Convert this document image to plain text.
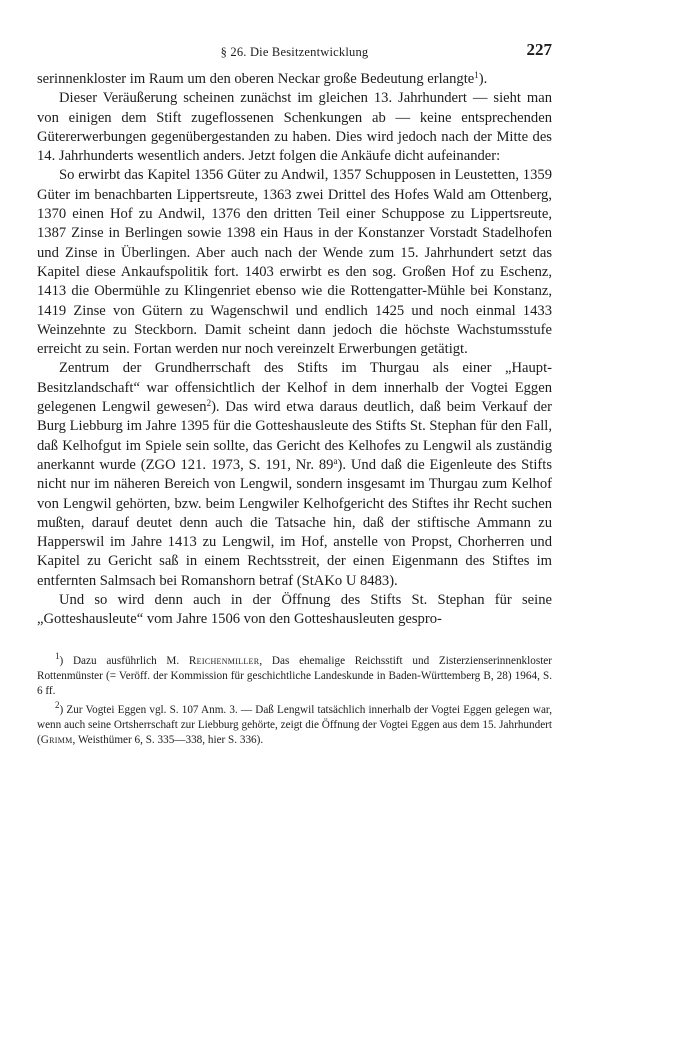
§ 26. Die Besitzentwicklung	227

serinnenkloster im Raum um den oberen Neckar große Bedeutung erlangte$^1$).

Dieser Veräußerung scheinen zunächst im gleichen 13. Jahrhundert — sieht man von einigen dem Stift zugeflossenen Schenkungen ab — keine entsprechenden Gütererwerbungen gegenübergestanden zu haben. Dies wird jedoch nach der Mitte des 14. Jahrhunderts wesentlich anders. Jetzt folgen die Ankäufe dicht aufeinander:

So erwirbt das Kapitel 1356 Güter zu Andwil, 1357 Schupposen in Leustetten, 1359 Güter im benachbarten Lippertsreute, 1363 zwei Drittel des Hofes Wald am Ottenberg, 1370 einen Hof zu Andwil, 1376 den dritten Teil einer Schuppose zu Lippertsreute, 1387 Zinse in Berlingen sowie 1398 ein Haus in der Konstanzer Vorstadt Stadelhofen und Zinse in Überlingen. Aber auch nach der Wende zum 15. Jahrhundert setzt das Kapitel diese Ankaufspolitik fort. 1403 erwirbt es den sog. Großen Hof zu Eschenz, 1413 die Obermühle zu Klingenriet ebenso wie die Rottengatter-Mühle bei Konstanz, 1419 Zinse von Gütern zu Wagenschwil und endlich 1425 und noch einmal 1433 Weinzehnte zu Steckborn. Damit scheint dann jedoch die höchste Wachstumsstufe erreicht zu sein. Fortan werden nur noch vereinzelt Erwerbungen getätigt.

Zentrum der Grundherrschaft des Stifts im Thurgau als einer „Haupt-Besitzlandschaft“ war offensichtlich der Kelhof in dem innerhalb der Vogtei Eggen gelegenen Lengwil gewesen$^2$). Das wird etwa daraus deutlich, daß beim Verkauf der Burg Liebburg im Jahre 1395 für die Gotteshausleute des Stifts St. Stephan für den Fall, daß Kelhofgut im Spiele sein sollte, das Gericht des Kelhofes zu Lengwil als zuständig anerkannt wurde (ZGO 121. 1973, S. 191, Nr. 89$^a$). Und daß die Eigenleute des Stifts nicht nur im näheren Bereich von Lengwil, sondern insgesamt im Thurgau zum Kelhof von Lengwil gehörten, bzw. beim Lengwiler Kelhofgericht des Stiftes ihr Recht suchen mußten, darauf deutet denn auch die Tatsache hin, daß der stiftische Ammann zu Happerswil im Jahre 1413 zu Lengwil, im Hof, anstelle von Propst, Chorherren und Kapitel zu Gericht saß in einem Rechtsstreit, der einen Eigenmann des Stiftes im entfernten Salmsach bei Romanshorn betraf (StAKo U 8483).

Und so wird denn auch in der Öffnung des Stifts St. Stephan für seine „Gotteshausleute“ vom Jahre 1506 von den Gotteshausleuten gespro-

$^1$) Dazu ausführlich M. Reichenmiller, Das ehemalige Reichsstift und Zisterzienserinnenkloster Rottenmünster (= Veröff. der Kommission für geschichtliche Landeskunde in Baden-Württemberg B, 28) 1964, S. 6 ff.

$^2$) Zur Vogtei Eggen vgl. S. 107 Anm. 3. — Daß Lengwil tatsächlich innerhalb der Vogtei Eggen gelegen war, wenn auch seine Ortsherrschaft zur Liebburg gehörte, zeigt die Öffnung der Vogtei Eggen aus dem 15. Jahrhundert (Grimm, Weisthümer 6, S. 335—338, hier S. 336).
